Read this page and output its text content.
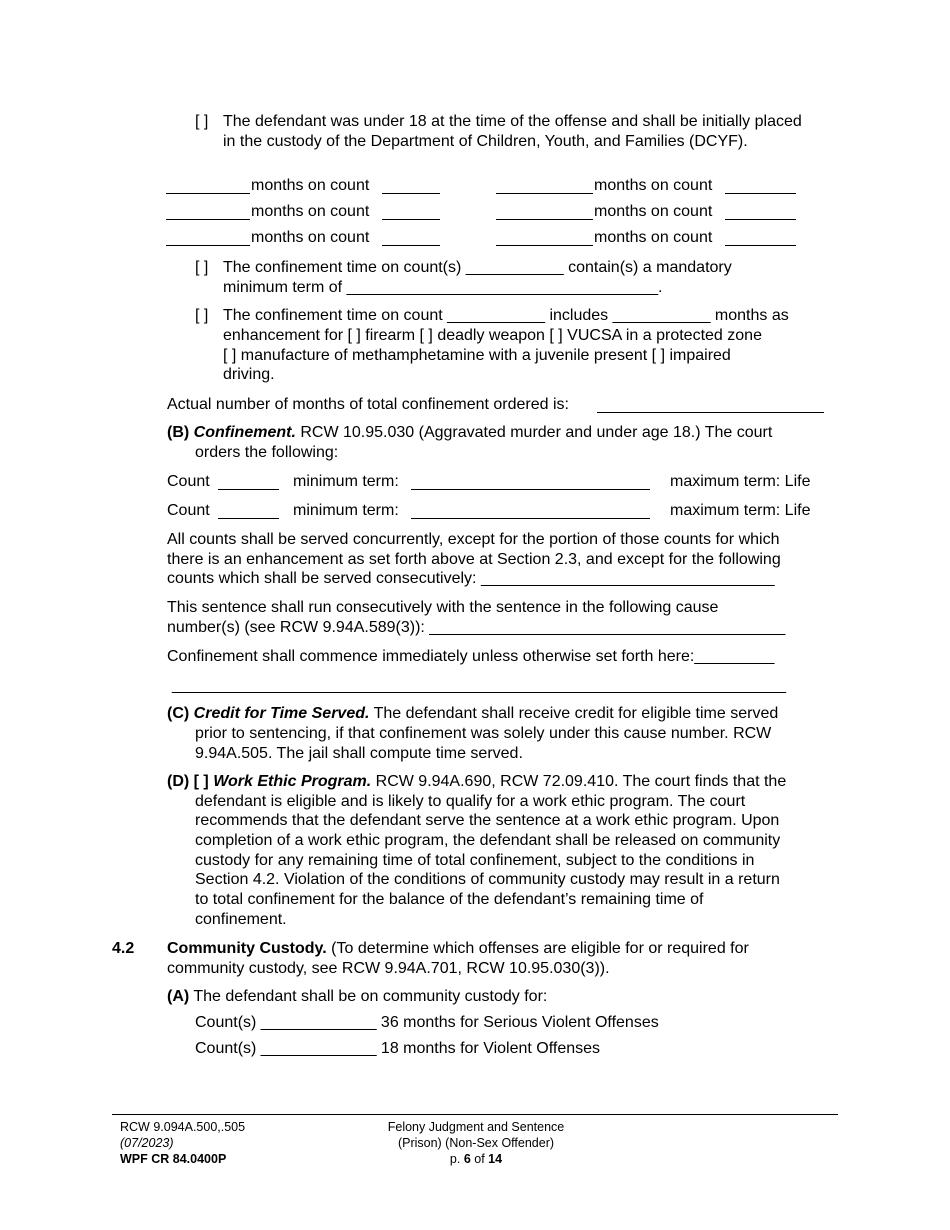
[ ] The defendant was under 18 at the time of the offense and shall be initially placed in the custody of the Department of Children, Youth, and Families (DCYF).
months on count	months on count
months on count	months on count
months on count	months on count
[ ] The confinement time on count(s) ___________ contain(s) a mandatory
minimum term of ___________________________________.
[ ] The confinement time on count ___________ includes ___________ months as
enhancement for [ ] firearm [ ] deadly weapon [ ] VUCSA in a protected zone
[ ] manufacture of methamphetamine with a juvenile present [ ] impaired
driving.
Actual number of months of total confinement ordered is:
(B) Confinement. RCW 10.95.030 (Aggravated murder and under age 18.) The court
orders the following:
Count	minimum term:	maximum term: Life
Count	minimum term:	maximum term: Life
All counts shall be served concurrently, except for the portion of those counts for which
there is an enhancement as set forth above at Section 2.3, and except for the following
counts which shall be served consecutively: _________________________________
This sentence shall run consecutively with the sentence in the following cause
number(s) (see RCW 9.94A.589(3)): ________________________________________
Confinement shall commence immediately unless otherwise set forth here:_________
_____________________________________________________________________
(C) Credit for Time Served. The defendant shall receive credit for eligible time served
prior to sentencing, if that confinement was solely under this cause number. RCW
9.94A.505. The jail shall compute time served.
(D) [ ] Work Ethic Program. RCW 9.94A.690, RCW 72.09.410. The court finds that the
defendant is eligible and is likely to qualify for a work ethic program. The court
recommends that the defendant serve the sentence at a work ethic program. Upon
completion of a work ethic program, the defendant shall be released on community
custody for any remaining time of total confinement, subject to the conditions in
Section 4.2. Violation of the conditions of community custody may result in a return
to total confinement for the balance of the defendant’s remaining time of
confinement.
4.2 Community Custody. (To determine which offenses are eligible for or required for
community custody, see RCW 9.94A.701, RCW 10.95.030(3)).
(A) The defendant shall be on community custody for:
Count(s) _____________ 36 months for Serious Violent Offenses
Count(s) _____________ 18 months for Violent Offenses
RCW 9.094A.500,.505
(07/2023)
WPF CR 84.0400P
Felony Judgment and Sentence
(Prison) (Non-Sex Offender)
p. 6 of 14
